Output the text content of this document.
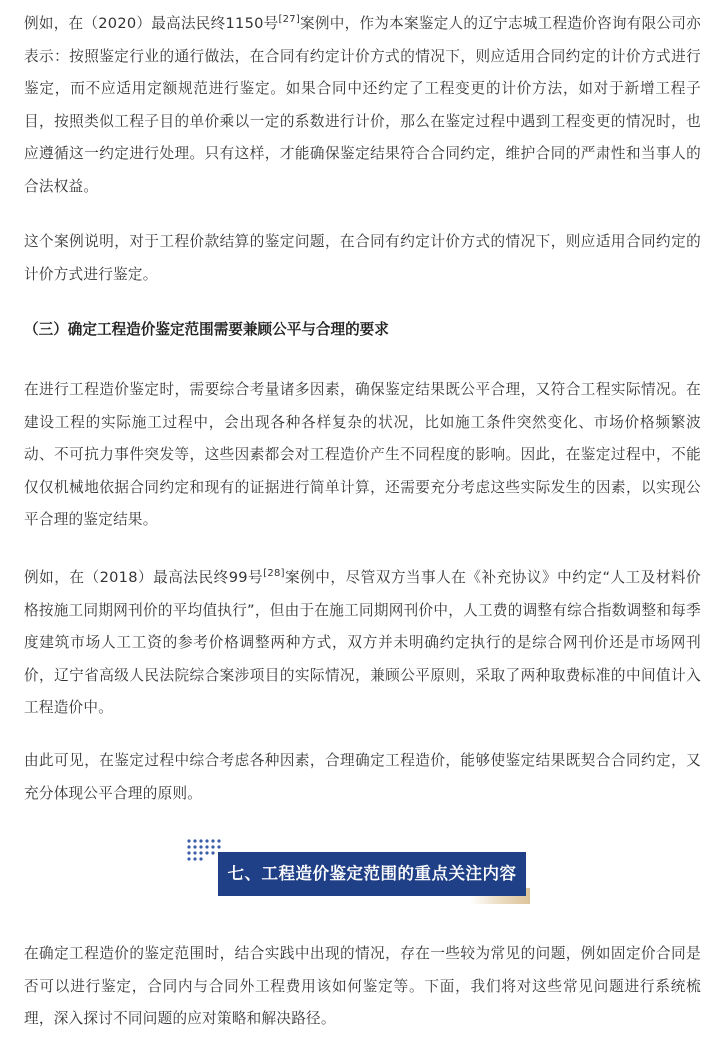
例如，在（2020）最高法民终1150号[27]案例中，作为本案鉴定人的辽宁志城工程造价咨询有限公司亦表示：按照鉴定行业的通行做法，在合同有约定计价方式的情况下，则应适用合同约定的计价方式进行鉴定，而不应适用定额规范进行鉴定。如果合同中还约定了工程变更的计价方法，如对于新增工程子目，按照类似工程子目的单价乘以一定的系数进行计价，那么在鉴定过程中遇到工程变更的情况时，也应遵循这一约定进行处理。只有这样，才能确保鉴定结果符合合同约定，维护合同的严肃性和当事人的合法权益。

这个案例说明，对于工程价款结算的鉴定问题，在合同有约定计价方式的情况下，则应适用合同约定的计价方式进行鉴定。

（三）确定工程造价鉴定范围需要兼顾公平与合理的要求

在进行工程造价鉴定时，需要综合考量诸多因素，确保鉴定结果既公平合理，又符合工程实际情况。在建设工程的实际施工过程中，会出现各种各样复杂的状况，比如施工条件突然变化、市场价格频繁波动、不可抗力事件突发等，这些因素都会对工程造价产生不同程度的影响。因此，在鉴定过程中，不能仅仅机械地依据合同约定和现有的证据进行简单计算，还需要充分考虑这些实际发生的因素，以实现公平合理的鉴定结果。

例如，在（2018）最高法民终99号[28]案例中，尽管双方当事人在《补充协议》中约定“人工及材料价格按施工同期网刊价的平均值执行”，但由于在施工同期网刊价中，人工费的调整有综合指数调整和每季度建筑市场人工工资的参考价格调整两种方式，双方并未明确约定执行的是综合网刊价还是市场网刊价，辽宁省高级人民法院综合案涉项目的实际情况，兼顾公平原则，采取了两种取费标准的中间值计入工程造价中。

由此可见，在鉴定过程中综合考虑各种因素，合理确定工程造价，能够使鉴定结果既契合合同约定，又充分体现公平合理的原则。

七、工程造价鉴定范围的重点关注内容

在确定工程造价的鉴定范围时，结合实践中出现的情况，存在一些较为常见的问题，例如固定价合同是否可以进行鉴定，合同内与合同外工程费用该如何鉴定等。下面，我们将对这些常见问题进行系统梳理，深入探讨不同问题的应对策略和解决路径。
